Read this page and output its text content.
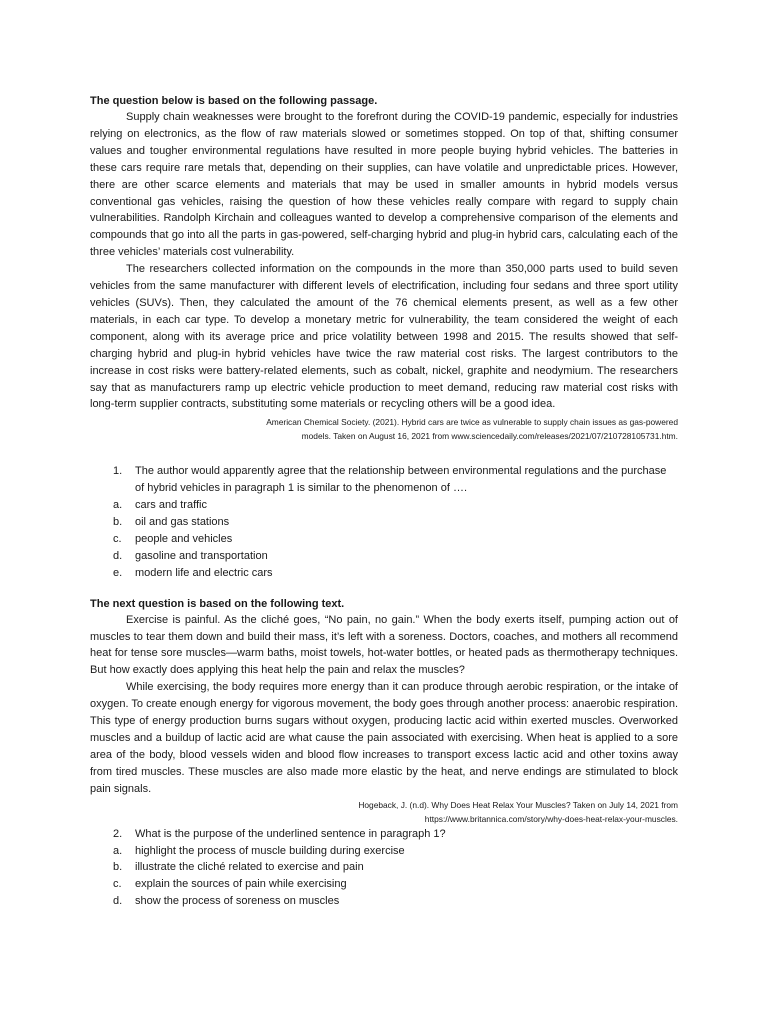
The question below is based on the following passage.

Supply chain weaknesses were brought to the forefront during the COVID-19 pandemic, especially for industries relying on electronics, as the flow of raw materials slowed or sometimes stopped. On top of that, shifting consumer values and tougher environmental regulations have resulted in more people buying hybrid vehicles. The batteries in these cars require rare metals that, depending on their supplies, can have volatile and unpredictable prices. However, there are other scarce elements and materials that may be used in smaller amounts in hybrid models versus conventional gas vehicles, raising the question of how these vehicles really compare with regard to supply chain vulnerabilities. Randolph Kirchain and colleagues wanted to develop a comprehensive comparison of the elements and compounds that go into all the parts in gas-powered, self-charging hybrid and plug-in hybrid cars, calculating each of the three vehicles’ materials cost vulnerability.

The researchers collected information on the compounds in the more than 350,000 parts used to build seven vehicles from the same manufacturer with different levels of electrification, including four sedans and three sport utility vehicles (SUVs). Then, they calculated the amount of the 76 chemical elements present, as well as a few other materials, in each car type. To develop a monetary metric for vulnerability, the team considered the weight of each component, along with its average price and price volatility between 1998 and 2015. The results showed that self-charging hybrid and plug-in hybrid vehicles have twice the raw material cost risks. The largest contributors to the increase in cost risks were battery-related elements, such as cobalt, nickel, graphite and neodymium. The researchers say that as manufacturers ramp up electric vehicle production to meet demand, reducing raw material cost risks with long-term supplier contracts, substituting some materials or recycling others will be a good idea.

American Chemical Society. (2021). Hybrid cars are twice as vulnerable to supply chain issues as gas-powered

models. Taken on August 16, 2021 from www.sciencedaily.com/releases/2021/07/210728105731.htm.

1.	The author would apparently agree that the relationship between environmental regulations and the purchase of hybrid vehicles in paragraph 1 is similar to the phenomenon of ….
a.	cars and traffic
b.	oil and gas stations
c.	people and vehicles
d.	gasoline and transportation
e.	modern life and electric cars

The next question is based on the following text.

Exercise is painful. As the cliché goes, “No pain, no gain.” When the body exerts itself, pumping action out of muscles to tear them down and build their mass, it’s left with a soreness. Doctors, coaches, and mothers all recommend heat for tense sore muscles—warm baths, moist towels, hot-water bottles, or heated pads as thermotherapy techniques. But how exactly does applying this heat help the pain and relax the muscles?

While exercising, the body requires more energy than it can produce through aerobic respiration, or the intake of oxygen. To create enough energy for vigorous movement, the body goes through another process: anaerobic respiration. This type of energy production burns sugars without oxygen, producing lactic acid within exerted muscles. Overworked muscles and a buildup of lactic acid are what cause the pain associated with exercising. When heat is applied to a sore area of the body, blood vessels widen and blood flow increases to transport excess lactic acid and other toxins away from tired muscles. These muscles are also made more elastic by the heat, and nerve endings are stimulated to block pain signals.

Hogeback, J. (n.d). Why Does Heat Relax Your Muscles? Taken on July 14, 2021 from

https://www.britannica.com/story/why-does-heat-relax-your-muscles.

2.	What is the purpose of the underlined sentence in paragraph 1?
a.	highlight the process of muscle building during exercise
b.	illustrate the cliché related to exercise and pain
c.	explain the sources of pain while exercising
d.	show the process of soreness on muscles
